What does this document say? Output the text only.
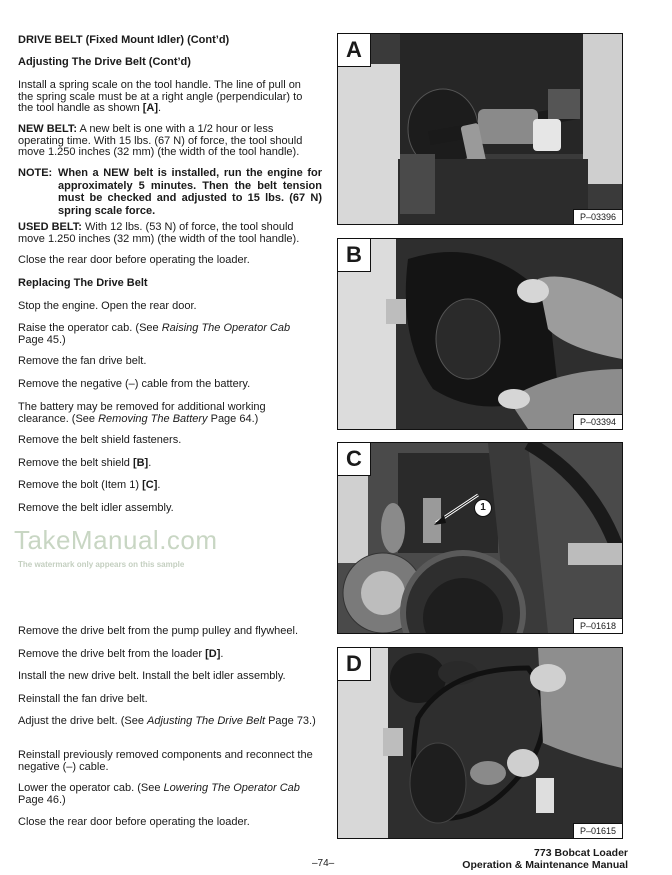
DRIVE BELT (Fixed Mount Idler) (Cont’d)

Adjusting The Drive Belt (Cont’d)

Install a spring scale on the tool handle. The line of pull on the spring scale must be at a right angle (perpendicular) to the tool handle as shown [A].

NEW BELT: A new belt is one with a 1/2 hour or less operating time. With 15 lbs. (67 N) of force, the tool should move 1.250 inches (32 mm) (the width of the tool handle).

NOTE: When a NEW belt is installed, run the engine for approximately 5 minutes. Then the belt tension must be checked and adjusted to 15 lbs. (67 N) spring scale force.

USED BELT: With 12 lbs. (53 N) of force, the tool should move 1.250 inches (32 mm) (the width of the tool handle).

Close the rear door before operating the loader.

Replacing The Drive Belt

Stop the engine. Open the rear door.

Raise the operator cab. (See Raising The Operator Cab Page 45.)

Remove the fan drive belt.

Remove the negative (–) cable from the battery.

The battery may be removed for additional working clearance. (See Removing The Battery Page 64.)

Remove the belt shield fasteners.

Remove the belt shield [B].

Remove the bolt (Item 1) [C].

Remove the belt idler assembly.

TakeManual.com
The watermark only appears on this sample

Remove the drive belt from the pump pulley and flywheel.

Remove the drive belt from the loader [D].

Install the new drive belt. Install the belt idler assembly.

Reinstall the fan drive belt.

Adjust the drive belt. (See Adjusting The Drive Belt Page 73.)

Reinstall previously removed components and reconnect the negative (–) cable.

Lower the operator cab. (See Lowering The Operator Cab Page 46.)

Close the rear door before operating the loader.

A
P–03396
B
P–03394
1
C
P–01618
D
P–01615
–74–
773 Bobcat Loader
Operation & Maintenance Manual
